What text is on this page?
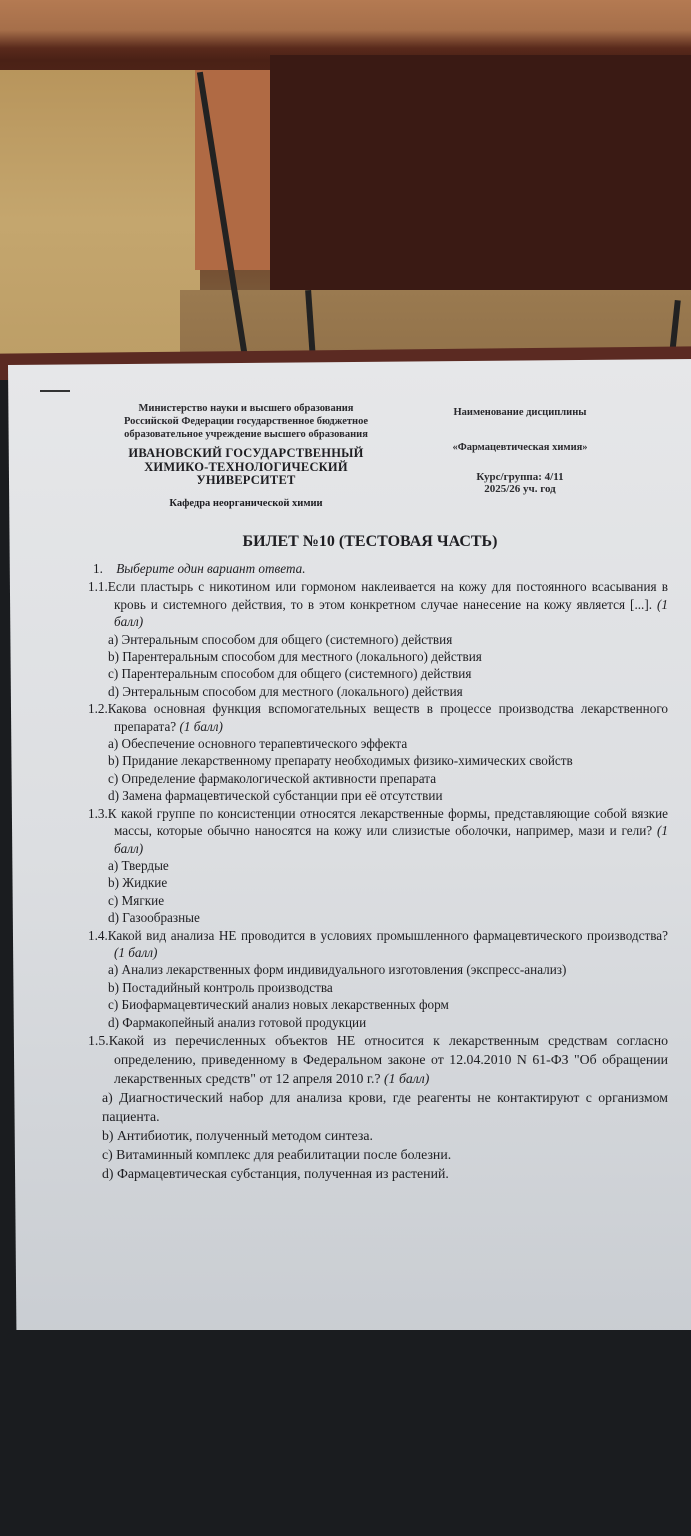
Министерство науки и высшего образования
Российской Федерации государственное бюджетное
образовательное учреждение высшего образования
ИВАНОВСКИЙ ГОСУДАРСТВЕННЫЙ
ХИМИКО-ТЕХНОЛОГИЧЕСКИЙ
УНИВЕРСИТЕТ
Кафедра неорганической химии
Наименование дисциплины
«Фармацевтическая химия»
Курс/группа: 4/11
2025/26 уч. год
БИЛЕТ №10 (ТЕСТОВАЯ ЧАСТЬ)
1. Выберите один вариант ответа.
1.1.Если пластырь с никотином или гормоном наклеивается на кожу для постоянного всасывания в кровь и системного действия, то в этом конкретном случае нанесение на кожу является [...]. (1 балл)
a) Энтеральным способом для общего (системного) действия
b) Парентеральным способом для местного (локального) действия
c) Парентеральным способом для общего (системного) действия
d) Энтеральным способом для местного (локального) действия
1.2.Какова основная функция вспомогательных веществ в процессе производства лекарственного препарата? (1 балл)
a) Обеспечение основного терапевтического эффекта
b) Придание лекарственному препарату необходимых физико-химических свойств
c) Определение фармакологической активности препарата
d) Замена фармацевтической субстанции при её отсутствии
1.3.К какой группе по консистенции относятся лекарственные формы, представляющие собой вязкие массы, которые обычно наносятся на кожу или слизистые оболочки, например, мази и гели? (1 балл)
a) Твердые
b) Жидкие
c) Мягкие
d) Газообразные
1.4.Какой вид анализа НЕ проводится в условиях промышленного фармацевтического производства? (1 балл)
a) Анализ лекарственных форм индивидуального изготовления (экспресс-анализ)
b) Постадийный контроль производства
c) Биофармацевтический анализ новых лекарственных форм
d) Фармакопейный анализ готовой продукции
1.5.Какой из перечисленных объектов НЕ относится к лекарственным средствам согласно определению, приведенному в Федеральном законе от 12.04.2010 N 61-ФЗ "Об обращении лекарственных средств" от 12 апреля 2010 г.? (1 балл)
a) Диагностический набор для анализа крови, где реагенты не контактируют с организмом пациента.
b) Антибиотик, полученный методом синтеза.
c) Витаминный комплекс для реабилитации после болезни.
d) Фармацевтическая субстанция, полученная из растений.
